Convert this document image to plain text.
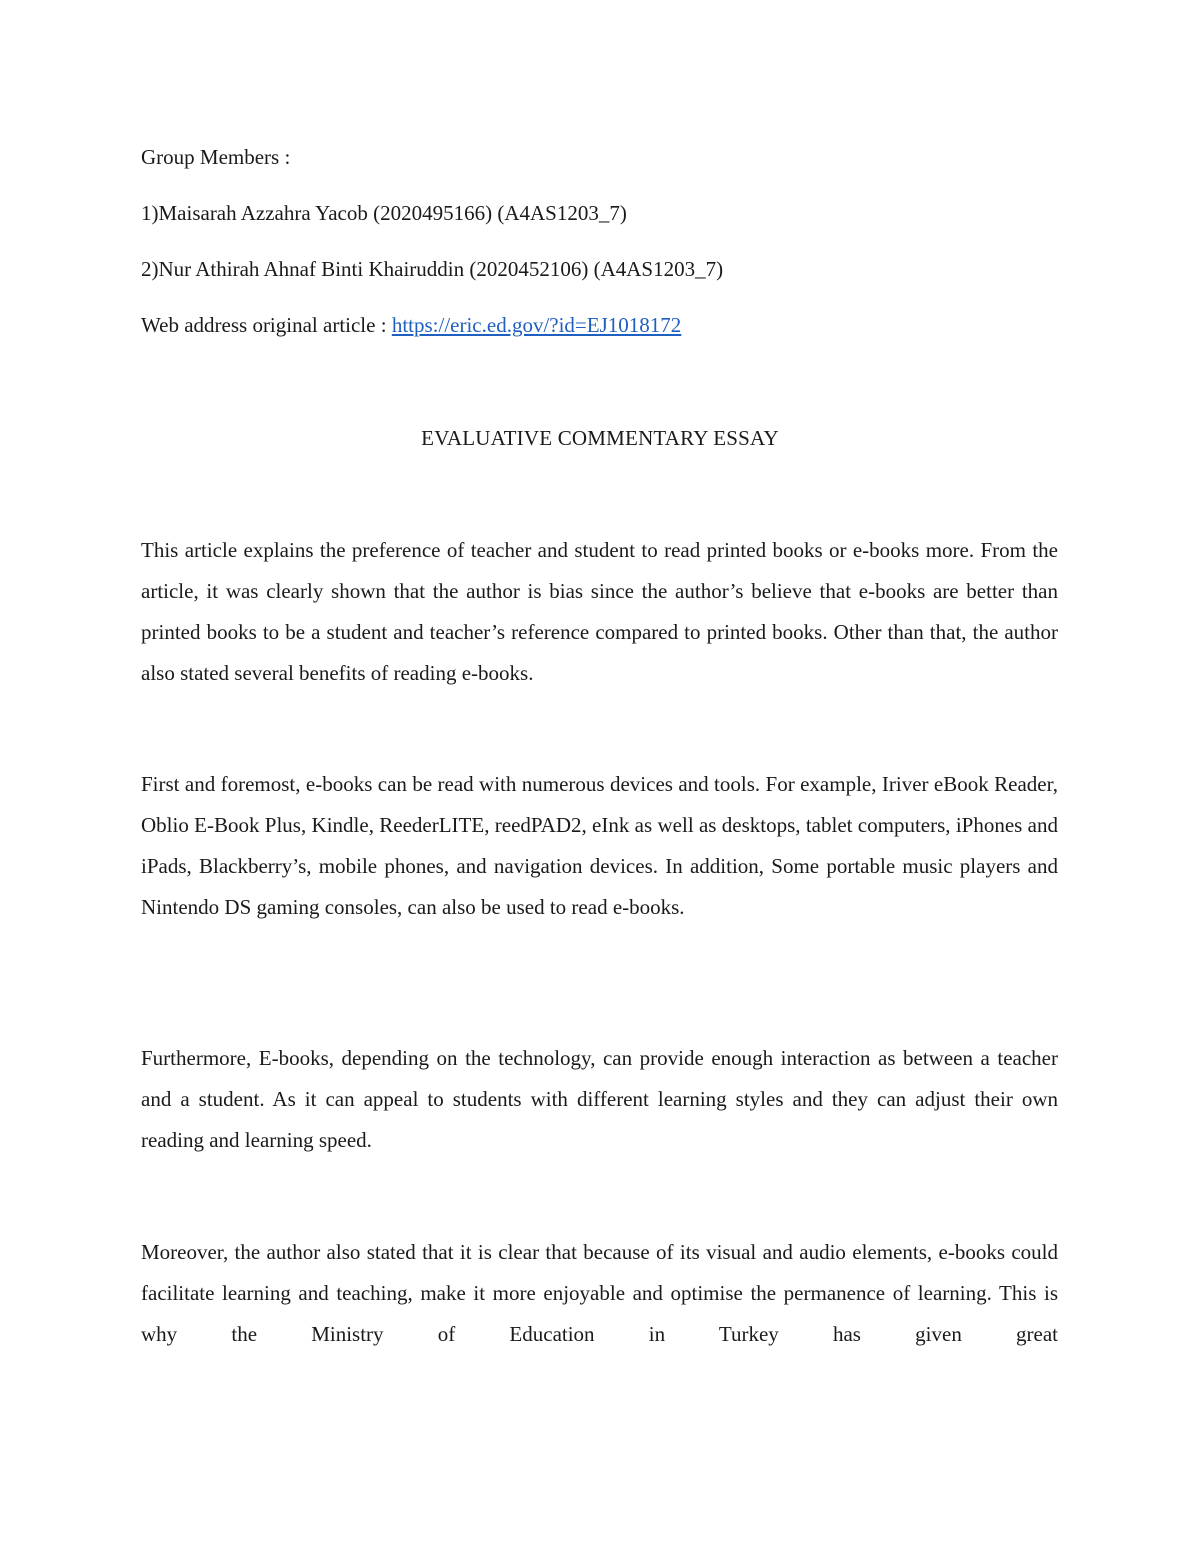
Group Members :

1)Maisarah Azzahra Yacob (2020495166) (A4AS1203_7)

2)Nur Athirah Ahnaf Binti Khairuddin (2020452106) (A4AS1203_7)

Web address original article : https://eric.ed.gov/?id=EJ1018172

EVALUATIVE COMMENTARY ESSAY

This article explains the preference of teacher and student to read printed books or e-books more. From the article, it was clearly shown that the author is bias since the author’s believe that e-books are better than printed books to be a student and teacher’s reference compared to printed books. Other than that, the author also stated several benefits of reading e-books.

First and foremost, e-books can be read with numerous devices and tools. For example, Iriver eBook Reader, Oblio E-Book Plus, Kindle, ReederLITE, reedPAD2, eInk as well as desktops, tablet computers, iPhones and iPads, Blackberry’s, mobile phones, and navigation devices. In addition, Some portable music players and Nintendo DS gaming consoles, can also be used to read e-books.

Furthermore, E-books, depending on the technology, can provide enough interaction as between a teacher and a student. As it can appeal to students with different learning styles and they can adjust their own reading and learning speed.

Moreover, the author also stated that it is clear that because of its visual and audio elements, e-books could facilitate learning and teaching, make it more enjoyable and optimise the permanence of learning. This is why the Ministry of Education in Turkey has given great
